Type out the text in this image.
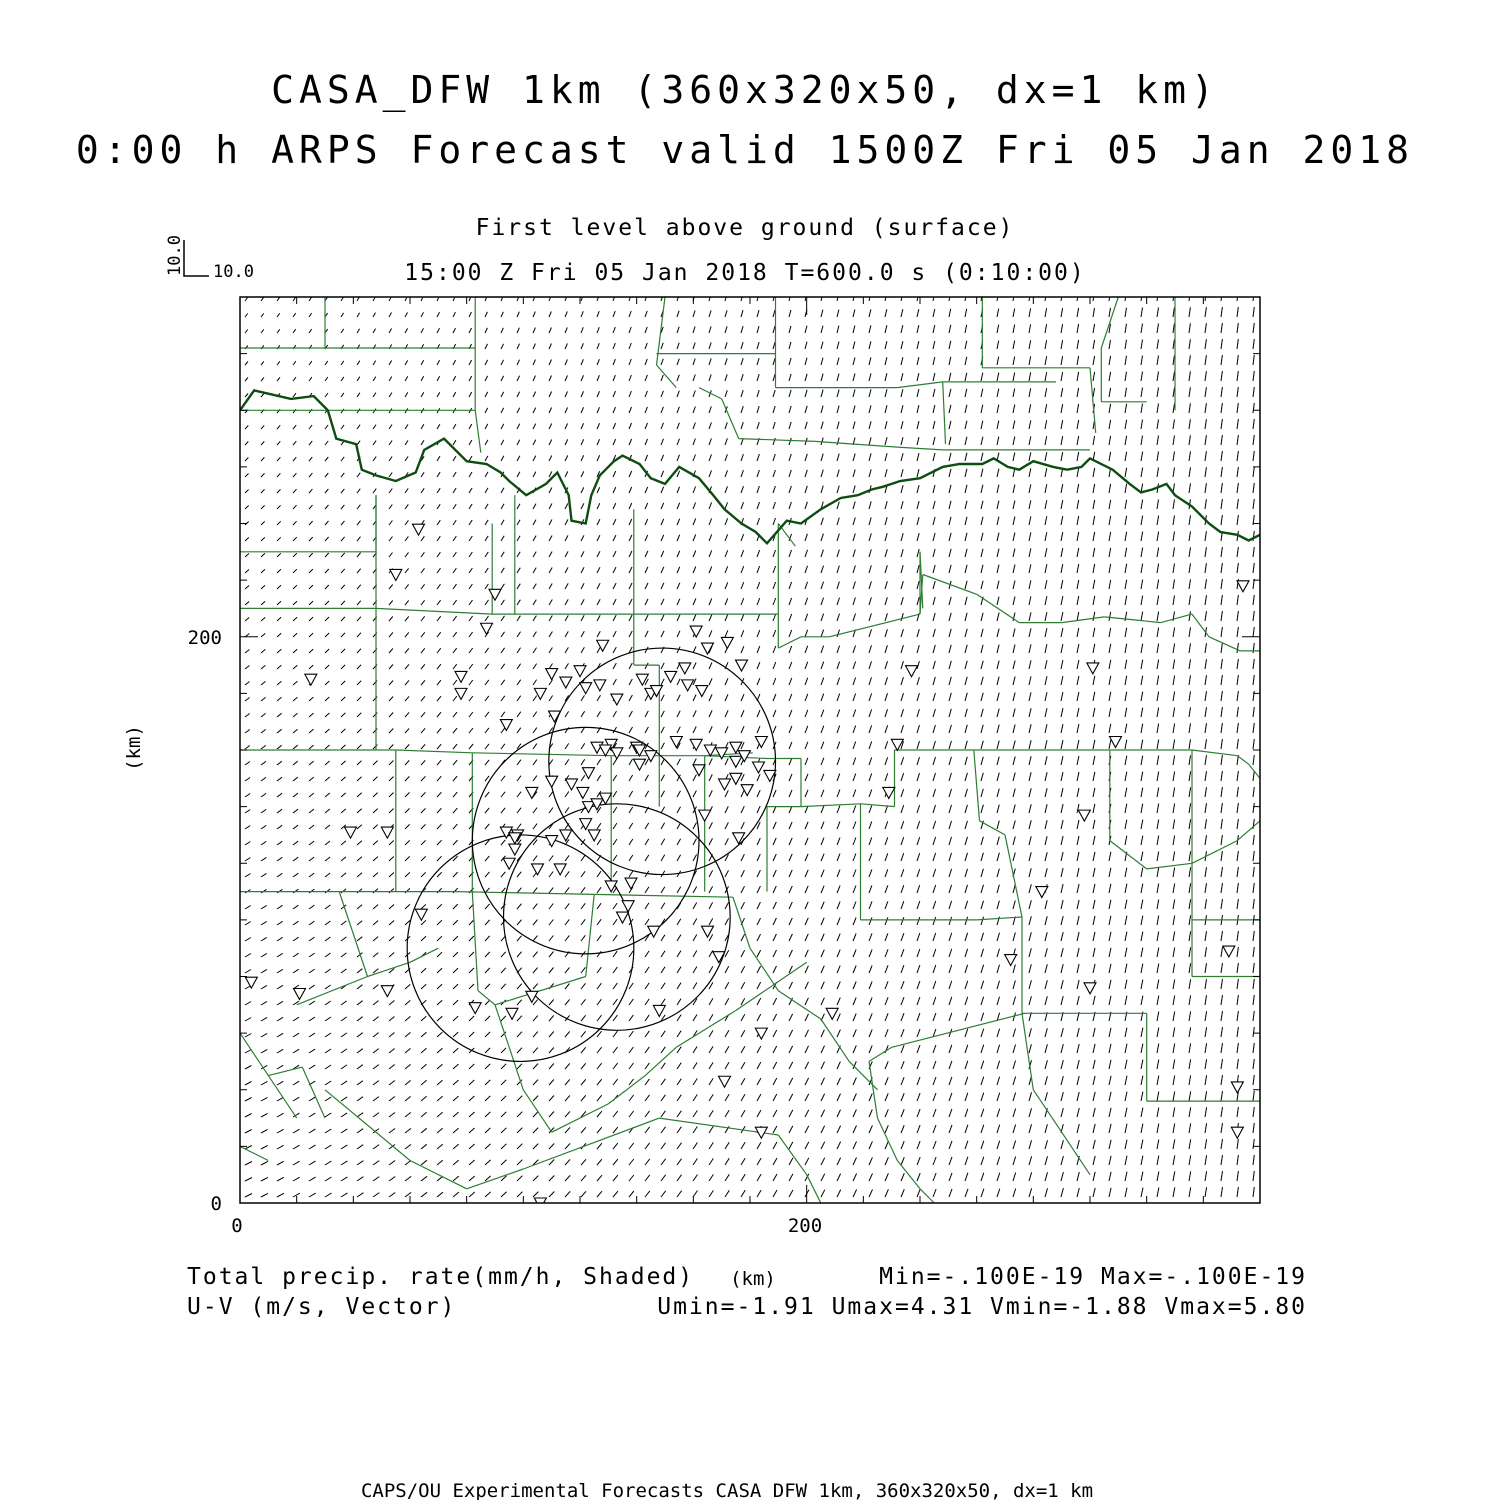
CASA_DFW 1km (360x320x50, dx=1 km)
0:00 h ARPS Forecast valid 1500Z Fri 05 Jan 2018
First level above ground (surface)
15:00 Z Fri 05 Jan 2018 T=600.0 s (0:10:00)
10.0 10.0
0
200
0	200
(km)
(km)
Total precip. rate(mm/h, Shaded)	Min=-.100E-19 Max=-.100E-19
U-V (m/s, Vector)	Umin=-1.91 Umax=4.31 Vmin=-1.88 Vmax=5.80
CAPS/OU Experimental Forecasts CASA DFW 1km, 360x320x50, dx=1 km
